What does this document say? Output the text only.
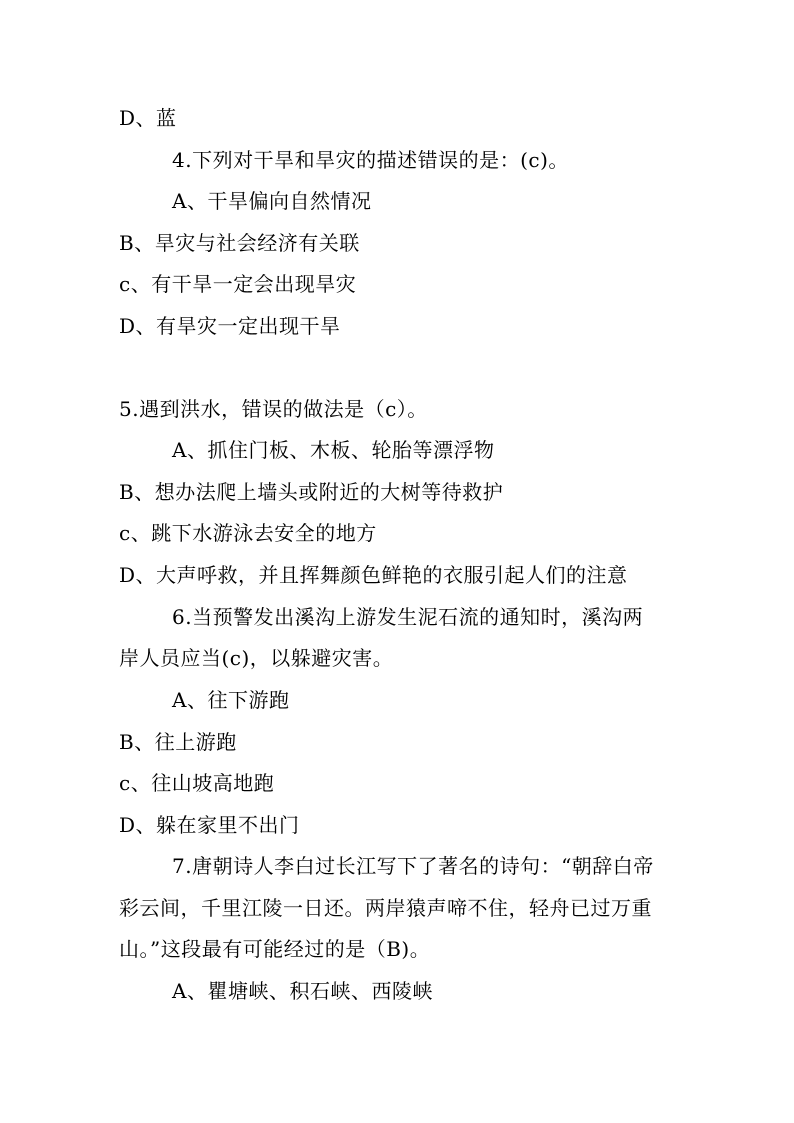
D、蓝
4.下列对干旱和旱灾的描述错误的是：(c)。
A、干旱偏向自然情况
B、旱灾与社会经济有关联
c、有干旱一定会出现旱灾
D、有旱灾一定出现干旱
5.遇到洪水，错误的做法是（c）。
A、抓住门板、木板、轮胎等漂浮物
B、想办法爬上墙头或附近的大树等待救护
c、跳下水游泳去安全的地方
D、大声呼救，并且挥舞颜色鲜艳的衣服引起人们的注意
6.当预警发出溪沟上游发生泥石流的通知时，溪沟两
岸人员应当(c)，以躲避灾害。
A、往下游跑
B、往上游跑
c、往山坡高地跑
D、躲在家里不出门
7.唐朝诗人李白过长江写下了著名的诗句：“朝辞白帝
彩云间，千里江陵一日还。两岸猿声啼不住，轻舟已过万重
山。”这段最有可能经过的是（B)。
A、瞿塘峡、积石峡、西陵峡
